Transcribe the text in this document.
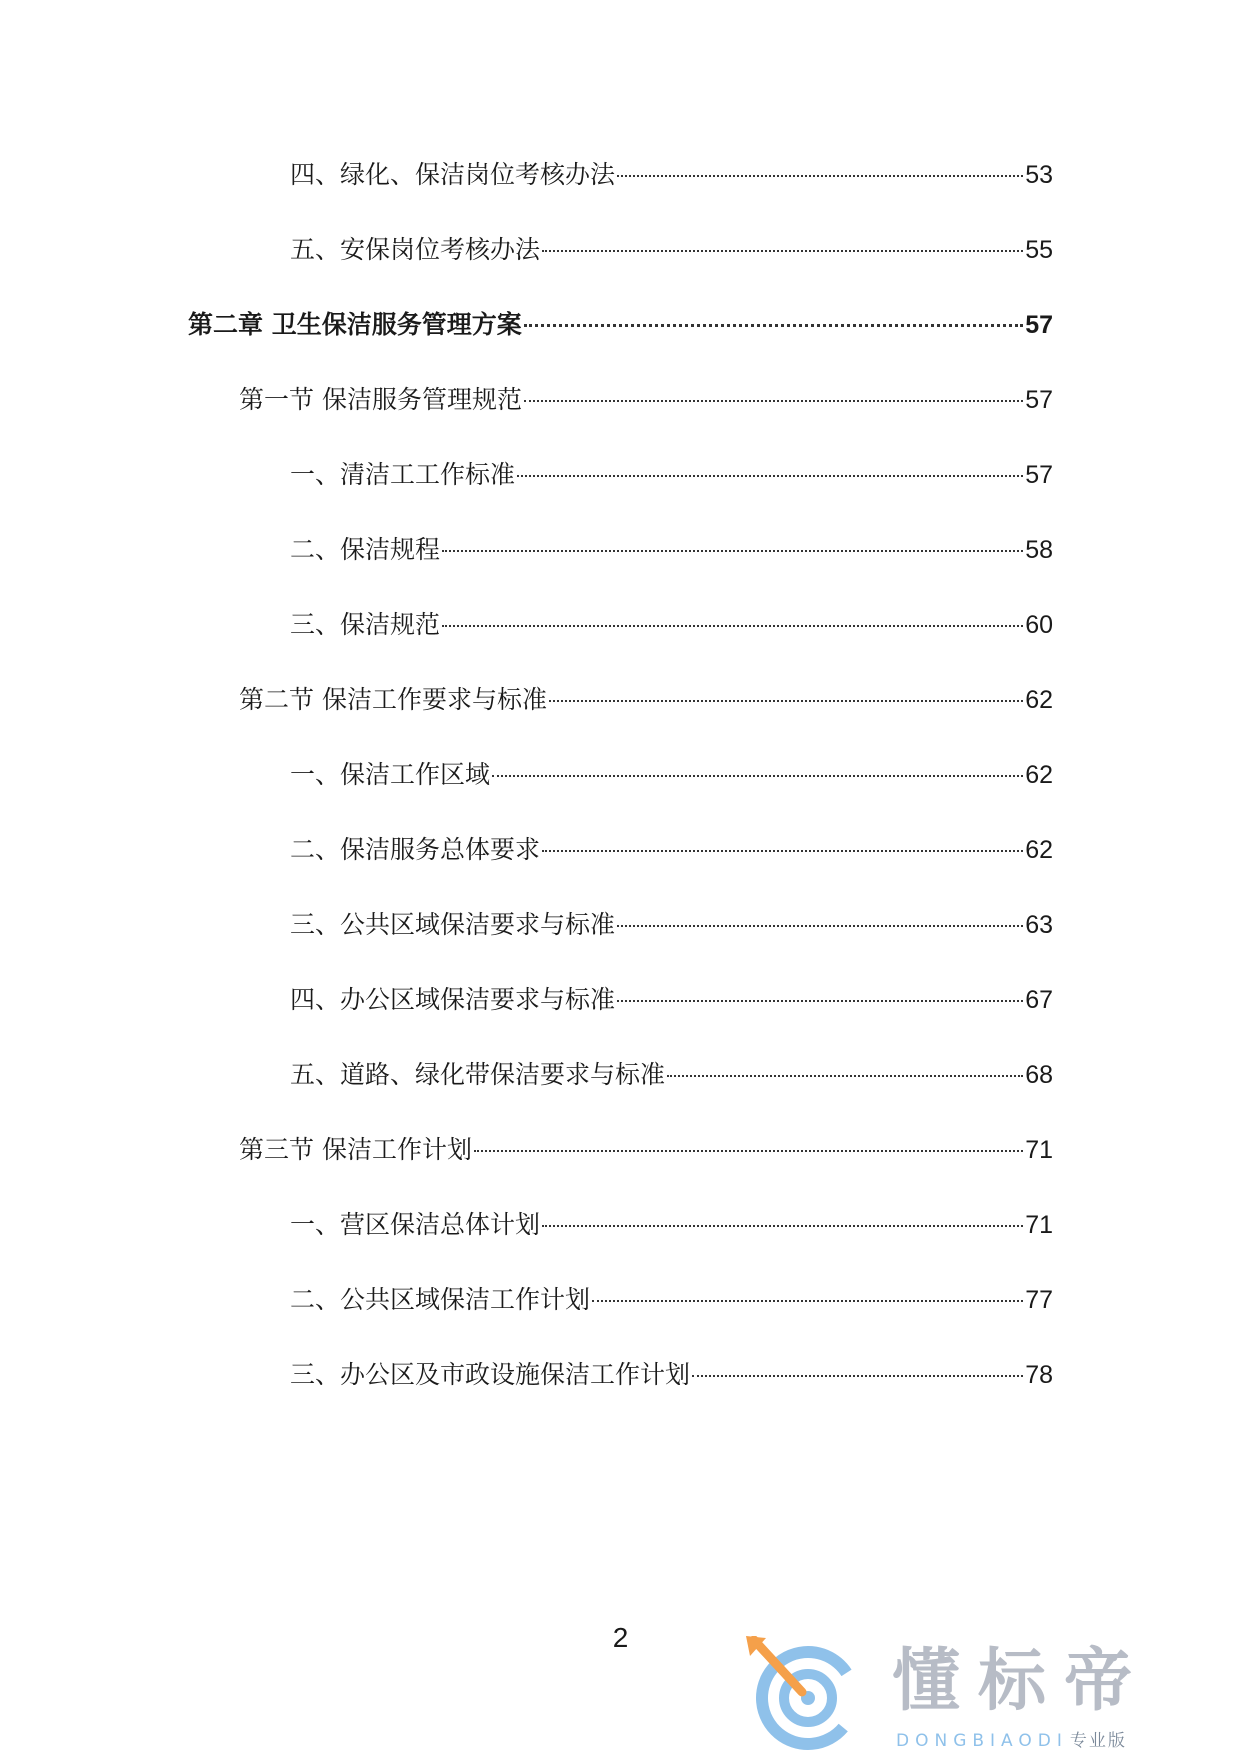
四、绿化、保洁岗位考核办法	53
五、安保岗位考核办法	55
第二章 卫生保洁服务管理方案	57
第一节 保洁服务管理规范	57
一、清洁工工作标准	57
二、保洁规程	58
三、保洁规范	60
第二节 保洁工作要求与标准	62
一、保洁工作区域	62
二、保洁服务总体要求	62
三、公共区域保洁要求与标准	63
四、办公区域保洁要求与标准	67
五、道路、绿化带保洁要求与标准	68
第三节 保洁工作计划	71
一、营区保洁总体计划	71
二、公共区域保洁工作计划	77
三、办公区及市政设施保洁工作计划	78
2
懂标帝
DONGBIAODI 专业版
